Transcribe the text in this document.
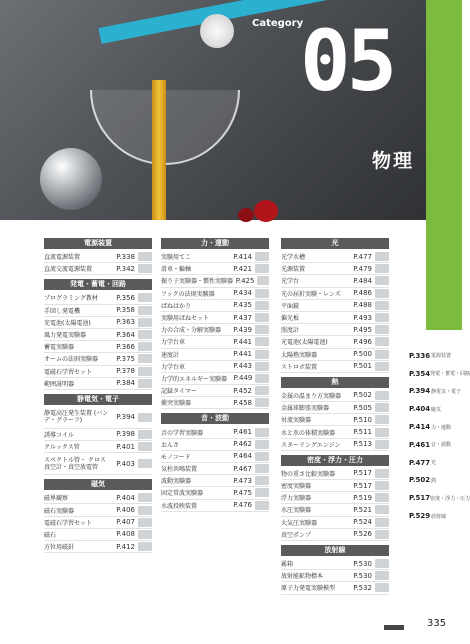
Category
05
物理
電源装置
直流電源装置	P.338
直流交流電源装置	P.342
発電・蓄電・回路
プログラミング教材	P.356
手回し発電機	P.358
充電池(太陽電池)	P.363
風力発電実験器	P.364
蓄電実験器	P.366
オームの法則実験器	P.375
電磁石学習セット	P.378
範囲説明器	P.384
静電気・電子
静電高圧発生装置 (バンデ・グラーフ)	P.394
誘導コイル	P.398
クルックス管	P.401
スペクトル管・ クロス真空計・真空放電管	P.403
磁気
磁界観察	P.404
磁石実験器	P.406
電磁石学習セット	P.407
磁石	P.408
方位用磁針	P.412
力・運動
実験用てこ	P.414
滑車・輪軸	P.421
振り子実験器・慣性実験器 P.425
フックの法則実験器	P.434
ばねはかり	P.435
実験用ばねセット	P.437
力の合成・分解実験器	P.439
力学台車	P.441
速度計	P.441
力学台車	P.443
力学的エネルギー実験器 P.449
記録タイマー	P.452
衝突実験器	P.458
音・波動
音の学習実験器	P.461
おんさ	P.462
モノコード	P.464
気柱共鳴装置	P.467
波動実験器	P.473
固定常波実験器	P.475
水波投映装置	P.476
光
光学水槽	P.477
光源装置	P.479
光学台	P.484
光の屈折実験・レンズ	P.486
平面鏡	P.488
偏光板	P.493
照度計	P.495
光電池(太陽電池)	P.496
太陽熱実験器	P.500
ストロボ装置	P.501
熱
金属の温まり方実験器	P.502
金属球膨張実験器	P.505
対流実験器	P.510
水と氷の体積実験器	P.511
スターリングエンジン	P.513
密度・浮力・圧力
物の重さ比較実験器	P.517
密度実験器	P.517
浮力実験器	P.519
水圧実験器	P.521
大気圧実験器	P.524
真空ポンプ	P.526
放射線
霧箱	P.530
放射能鉱物標本	P.530
原子力発電実験模型	P.532
P.336 電源装置
P.354 発電・蓄電・回路
P.394 静電気・電子
P.404 磁気
P.414 力・運動
P.461 音・波動
P.477 光
P.502 熱
P.517 密度・浮力・圧力
P.529 放射線
335
